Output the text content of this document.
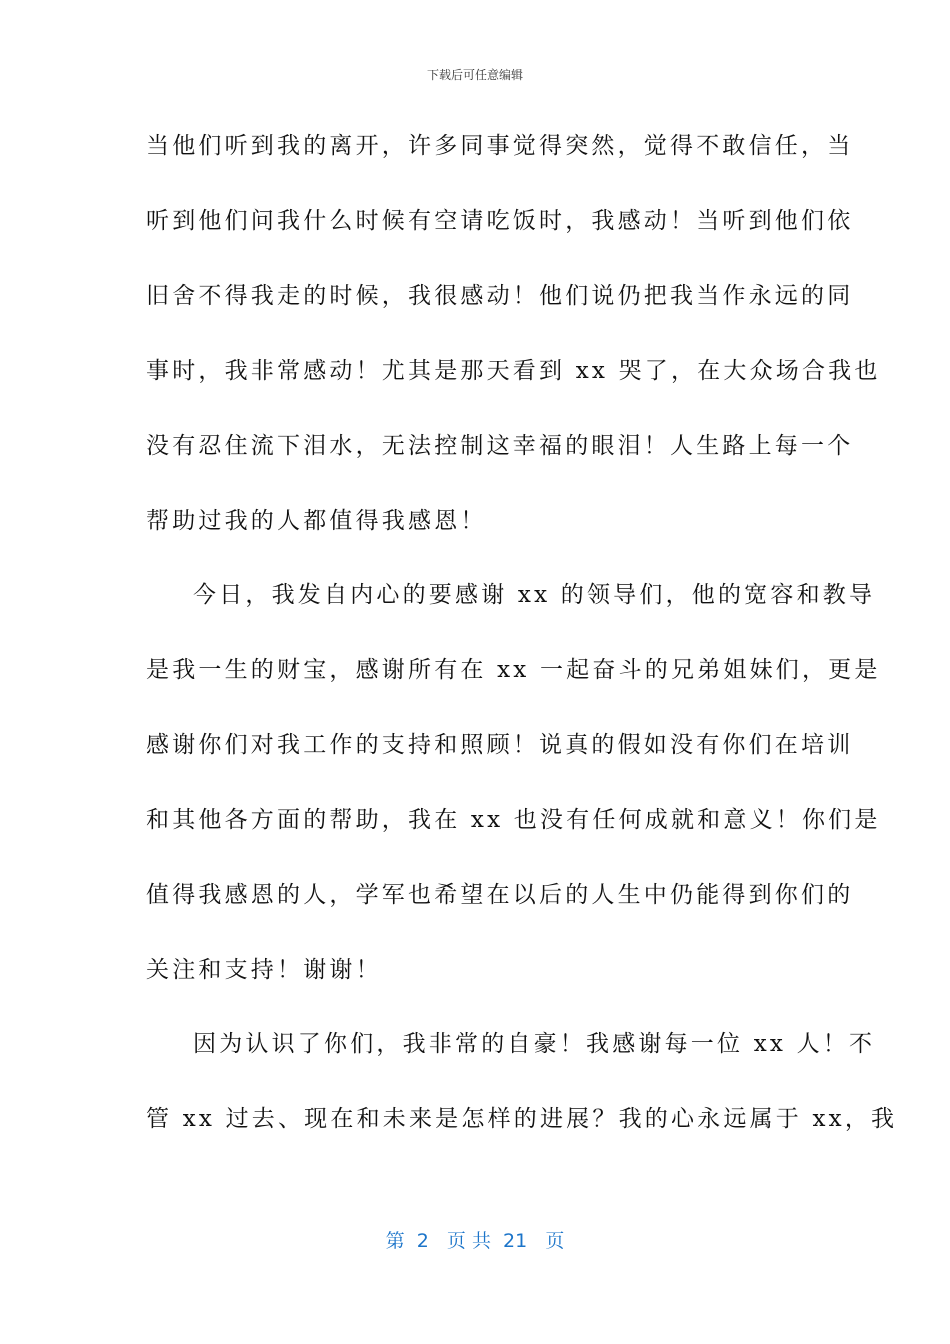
下载后可任意编辑
当他们听到我的离开，许多同事觉得突然，觉得不敢信任，当
听到他们问我什么时候有空请吃饭时，我感动！当听到他们依
旧舍不得我走的时候，我很感动！他们说仍把我当作永远的同
事时，我非常感动！尤其是那天看到 xx 哭了，在大众场合我也
没有忍住流下泪水，无法控制这幸福的眼泪！人生路上每一个
帮助过我的人都值得我感恩！
今日，我发自内心的要感谢 xx 的领导们，他的宽容和教导
是我一生的财宝，感谢所有在 xx 一起奋斗的兄弟姐妹们，更是
感谢你们对我工作的支持和照顾！说真的假如没有你们在培训
和其他各方面的帮助，我在 xx 也没有任何成就和意义！你们是
值得我感恩的人，学军也希望在以后的人生中仍能得到你们的
关注和支持！谢谢！
因为认识了你们，我非常的自豪！我感谢每一位 xx 人！不
管 xx 过去、现在和未来是怎样的进展？我的心永远属于 xx，我
第  2   页 共  21   页
